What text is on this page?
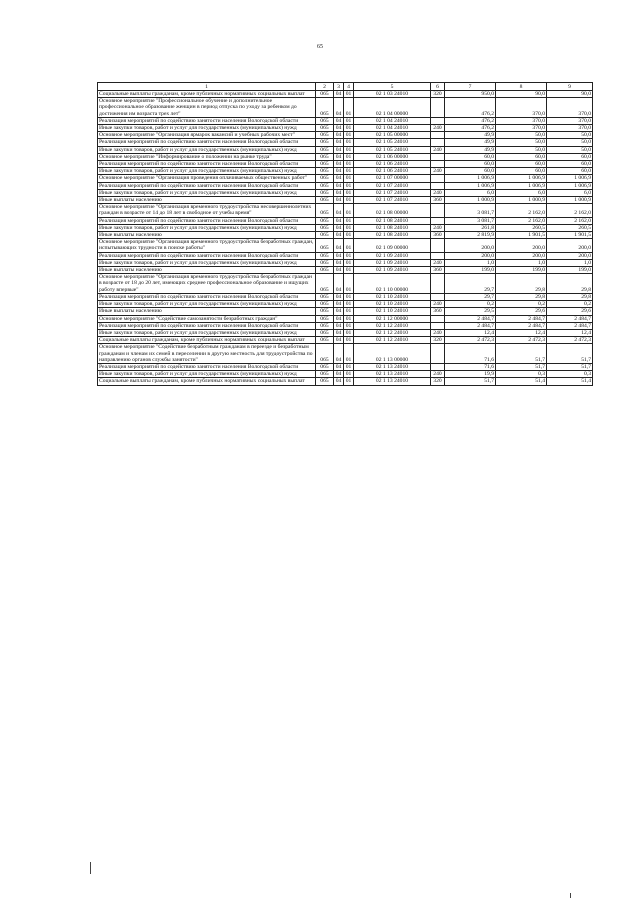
65
1	2	3	4	5	6	7	8	9
Социальные выплаты гражданам, кроме публичных нормативных социальных выплат	065	04	01	02 1 03 24010	320	950,0	90,0	90,0
Основное мероприятие "Профессиональное обучение и дополнительное профессиональное образование женщин в период отпуска по уходу за ребенком до достижения им возраста трех лет"	065	04	01	02 1 04 00000		476,2	370,0	370,0
Реализация мероприятий по содействию занятости населения Вологодской области	065	04	01	02 1 04 24010		476,2	370,0	370,0
Иные закупки товаров, работ и услуг для государственных (муниципальных) нужд	065	04	01	02 1 04 24010	240	476,2	370,0	370,0
Основное мероприятие "Организация ярмарок вакансий и учебных рабочих мест"	065	04	01	02 1 05 00000		49,9	50,0	50,0
Реализация мероприятий по содействию занятости населения Вологодской области	065	04	01	02 1 05 24010		49,9	50,0	50,0
Иные закупки товаров, работ и услуг для государственных (муниципальных) нужд	065	04	01	02 1 05 24010	240	49,9	50,0	50,0
Основное мероприятие "Информирование о положении на рынке труда"	065	04	01	02 1 06 00000		60,0	60,0	60,0
Реализация мероприятий по содействию занятости населения Вологодской области	065	04	01	02 1 06 24010		60,0	60,0	60,0
Иные закупки товаров, работ и услуг для государственных (муниципальных) нужд	065	04	01	02 1 06 24010	240	60,0	60,0	60,0
Основное мероприятие "Организация проведения оплачиваемых общественных работ"	065	04	01	02 1 07 00000		1 006,9	1 006,9	1 006,9
Реализация мероприятий по содействию занятости населения Вологодской области	065	04	01	02 1 07 24010		1 006,9	1 006,9	1 006,9
Иные закупки товаров, работ и услуг для государственных (муниципальных) нужд	065	04	01	02 1 07 24010	240	6,0	6,0	6,0
Иные выплаты населению	065	04	01	02 1 07 24010	360	1 000,9	1 000,9	1 000,9
Основное мероприятие "Организация временного трудоустройства несовершеннолетних граждан в возрасте от 14 до 18 лет в свободное от учебы время"	065	04	01	02 1 08 00000		3 081,7	2 162,0	2 162,0
Реализация мероприятий по содействию занятости населения Вологодской области	065	04	01	02 1 08 24010		3 081,7	2 162,0	2 162,0
Иные закупки товаров, работ и услуг для государственных (муниципальных) нужд	065	04	01	02 1 08 24010	240	261,8	260,5	260,5
Иные выплаты населению	065	04	01	02 1 08 24010	360	2 819,9	1 901,5	1 901,5
Основное мероприятие "Организация временного трудоустройства безработных граждан, испытывающих трудности в поиске работы"	065	04	01	02 1 09 00000		200,0	200,0	200,0
Реализация мероприятий по содействию занятости населения Вологодской области	065	04	01	02 1 09 24010		200,0	200,0	200,0
Иные закупки товаров, работ и услуг для государственных (муниципальных) нужд	065	04	01	02 1 09 24010	240	1,0	1,0	1,0
Иные выплаты населению	065	04	01	02 1 09 24010	360	199,0	199,0	199,0
Основное мероприятие "Организация временного трудоустройства безработных граждан в возрасте от 18 до 20 лет, имеющих среднее профессиональное образование и ищущих работу впервые"	065	04	01	02 1 10 00000		29,7	29,8	29,8
Реализация мероприятий по содействию занятости населения Вологодской области	065	04	01	02 1 10 24010		29,7	29,8	29,8
Иные закупки товаров, работ и услуг для государственных (муниципальных) нужд	065	04	01	02 1 10 24010	240	0,2	0,2	0,2
Иные выплаты населению	065	04	01	02 1 10 24010	360	29,5	29,6	29,6
Основное мероприятие "Содействие самозанятости безработных граждан"	065	04	01	02 1 12 00000		2 484,7	2 484,7	2 484,7
Реализация мероприятий по содействию занятости населения Вологодской области	065	04	01	02 1 12 24010		2 484,7	2 484,7	2 484,7
Иные закупки товаров, работ и услуг для государственных (муниципальных) нужд	065	04	01	02 1 12 24010	240	12,4	12,4	12,4
Социальные выплаты гражданам, кроме публичных нормативных социальных выплат	065	04	01	02 1 12 24010	320	2 472,3	2 472,3	2 472,3
Основное мероприятие "Содействие безработным гражданам в переезде и безработным гражданам и членам их семей в переселении в другую местность для трудоустройства по направлению органов службы занятости"	065	04	01	02 1 13 00000		71,6	51,7	51,7
Реализация мероприятий по содействию занятости населения Вологодской области	065	04	01	02 1 13 24010		71,6	51,7	51,7
Иные закупки товаров, работ и услуг для государственных (муниципальных) нужд	065	04	01	02 1 13 24010	240	19,9	0,3	0,3
Социальные выплаты гражданам, кроме публичных нормативных социальных выплат	065	04	01	02 1 13 24010	320	51,7	51,4	51,4
